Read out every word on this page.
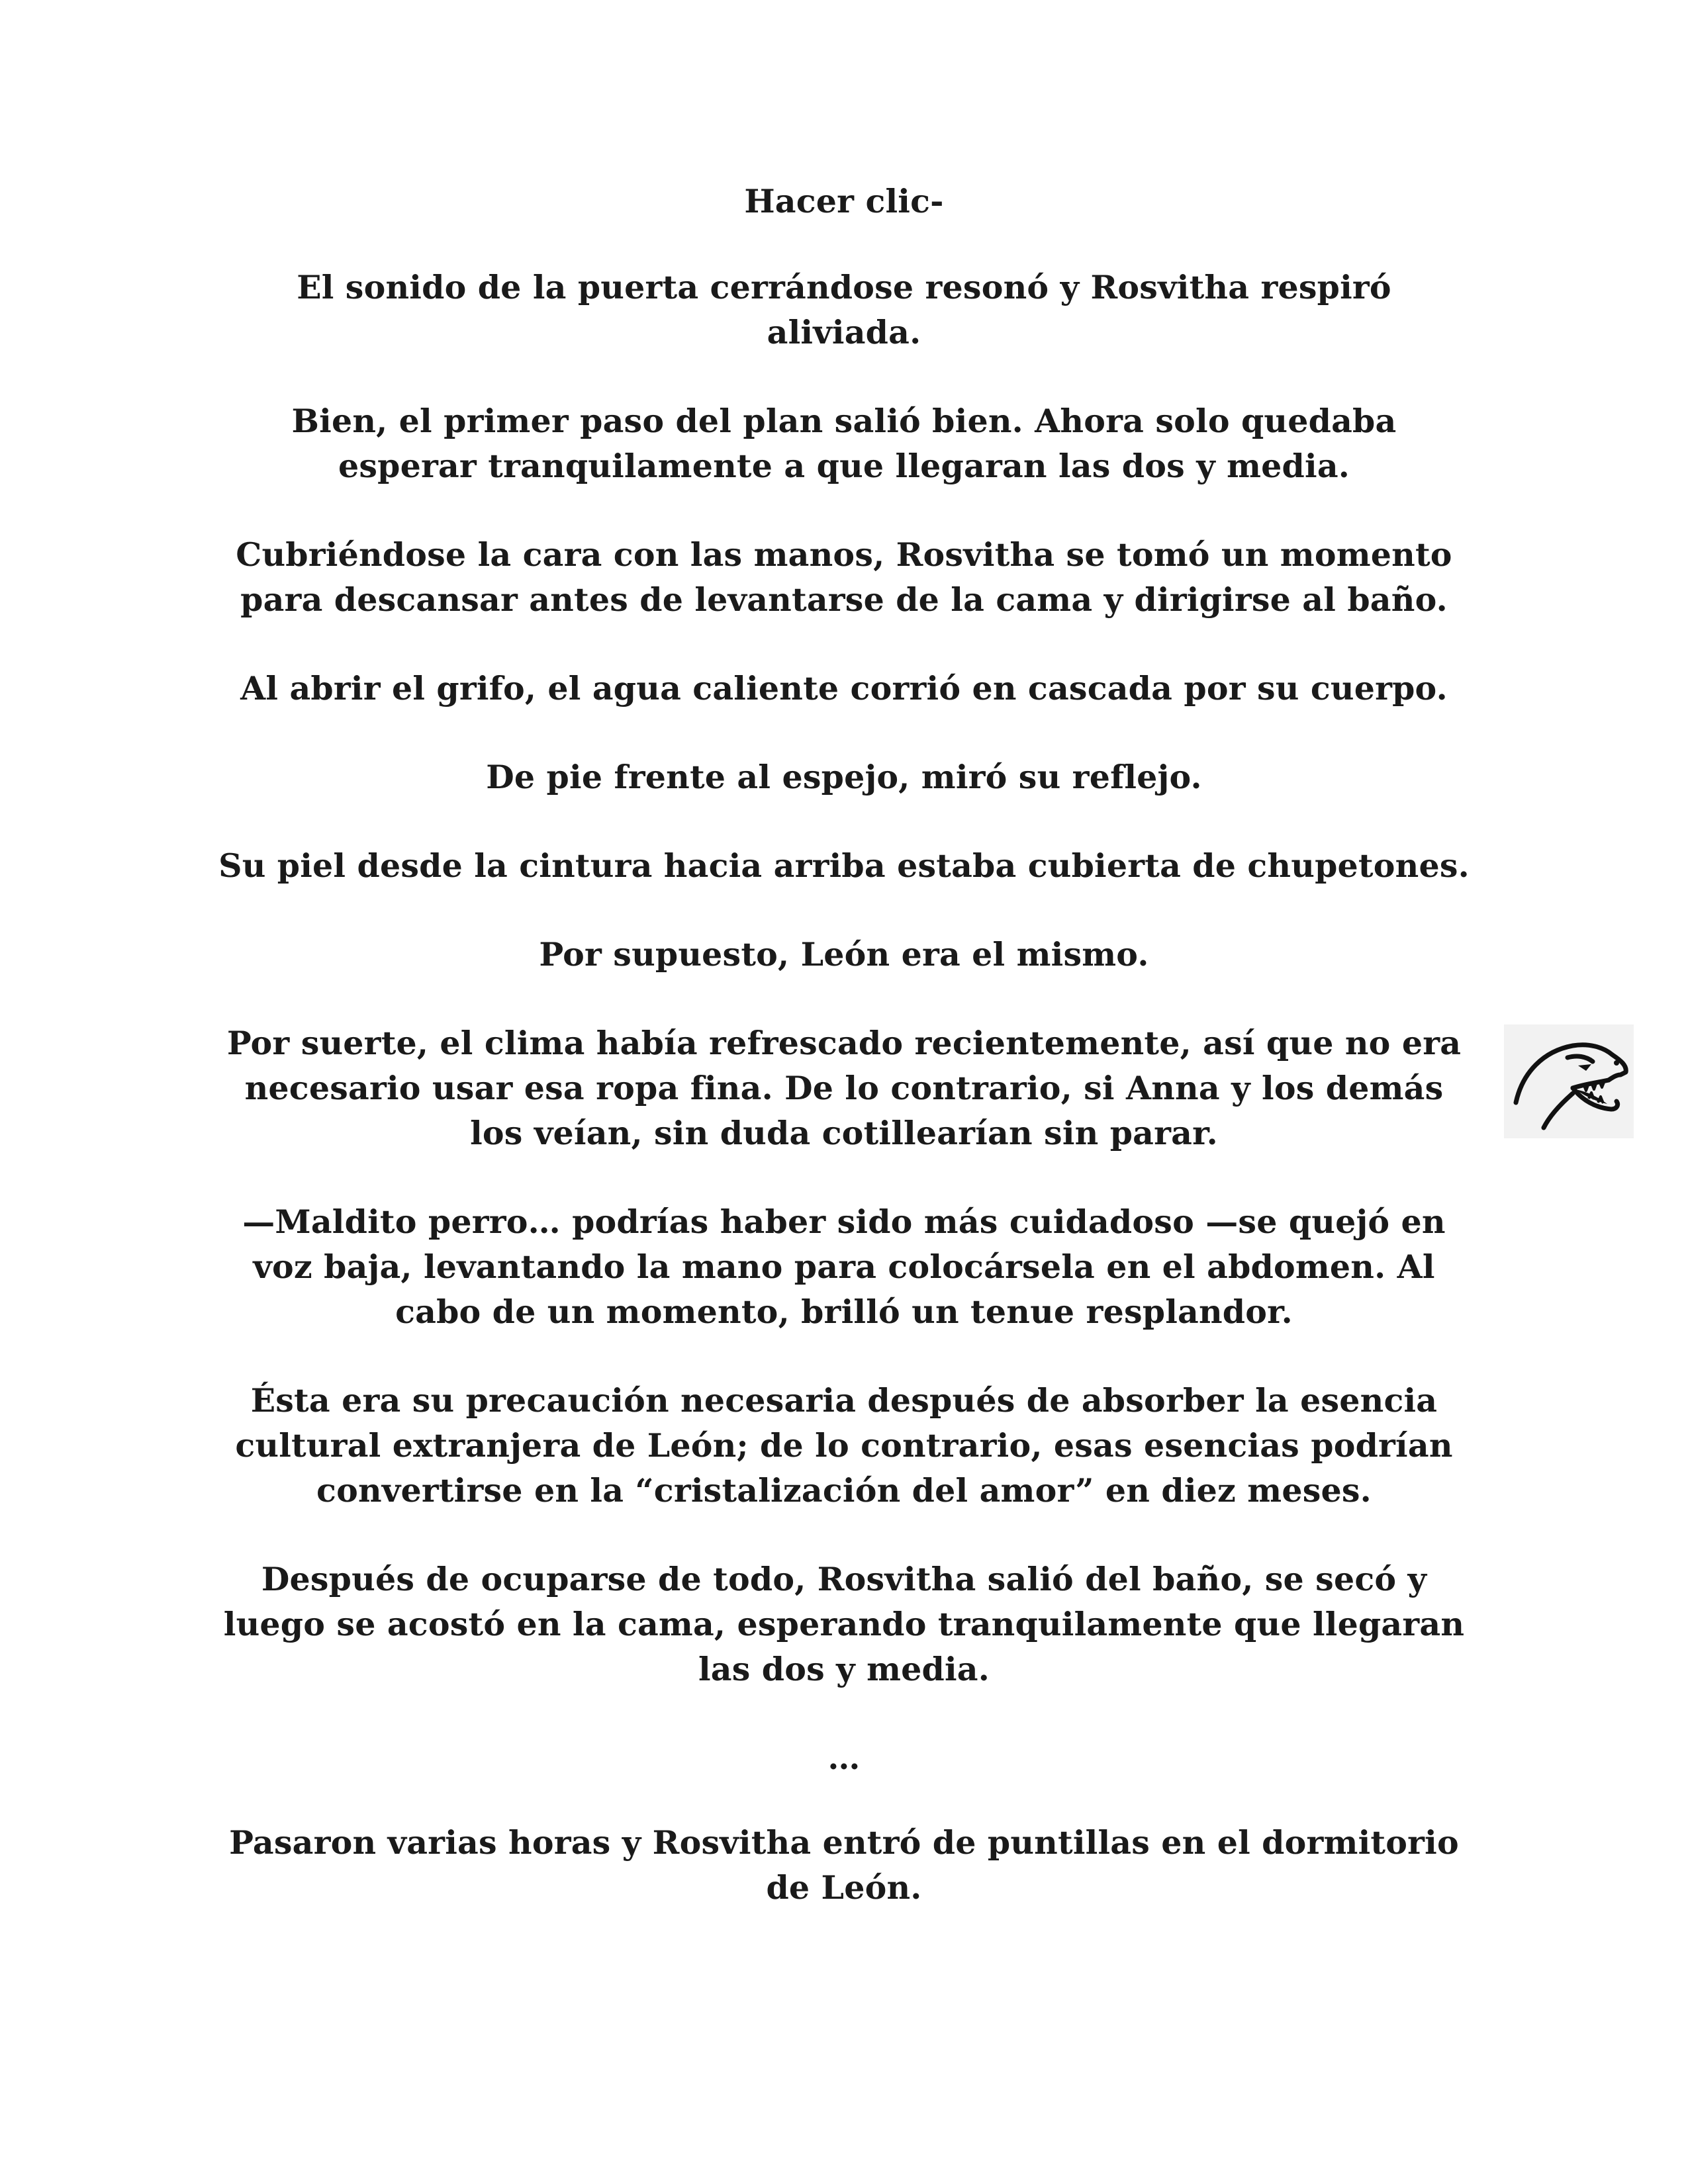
Hacer clic-

El sonido de la puerta cerrándose resonó y Rosvitha respiró aliviada.

Bien, el primer paso del plan salió bien. Ahora solo quedaba esperar tranquilamente a que llegaran las dos y media.

Cubriéndose la cara con las manos, Rosvitha se tomó un momento para descansar antes de levantarse de la cama y dirigirse al baño.

Al abrir el grifo, el agua caliente corrió en cascada por su cuerpo.

De pie frente al espejo, miró su reflejo.

Su piel desde la cintura hacia arriba estaba cubierta de chupetones.

Por supuesto, León era el mismo.

Por suerte, el clima había refrescado recientemente, así que no era necesario usar esa ropa fina. De lo contrario, si Anna y los demás los veían, sin duda cotillearían sin parar.

—Maldito perro… podrías haber sido más cuidadoso —se quejó en voz baja, levantando la mano para colocársela en el abdomen. Al cabo de un momento, brilló un tenue resplandor.

Ésta era su precaución necesaria después de absorber la esencia cultural extranjera de León; de lo contrario, esas esencias podrían convertirse en la “cristalización del amor” en diez meses.

Después de ocuparse de todo, Rosvitha salió del baño, se secó y luego se acostó en la cama, esperando tranquilamente que llegaran las dos y media.

…

Pasaron varias horas y Rosvitha entró de puntillas en el dormitorio de León.
